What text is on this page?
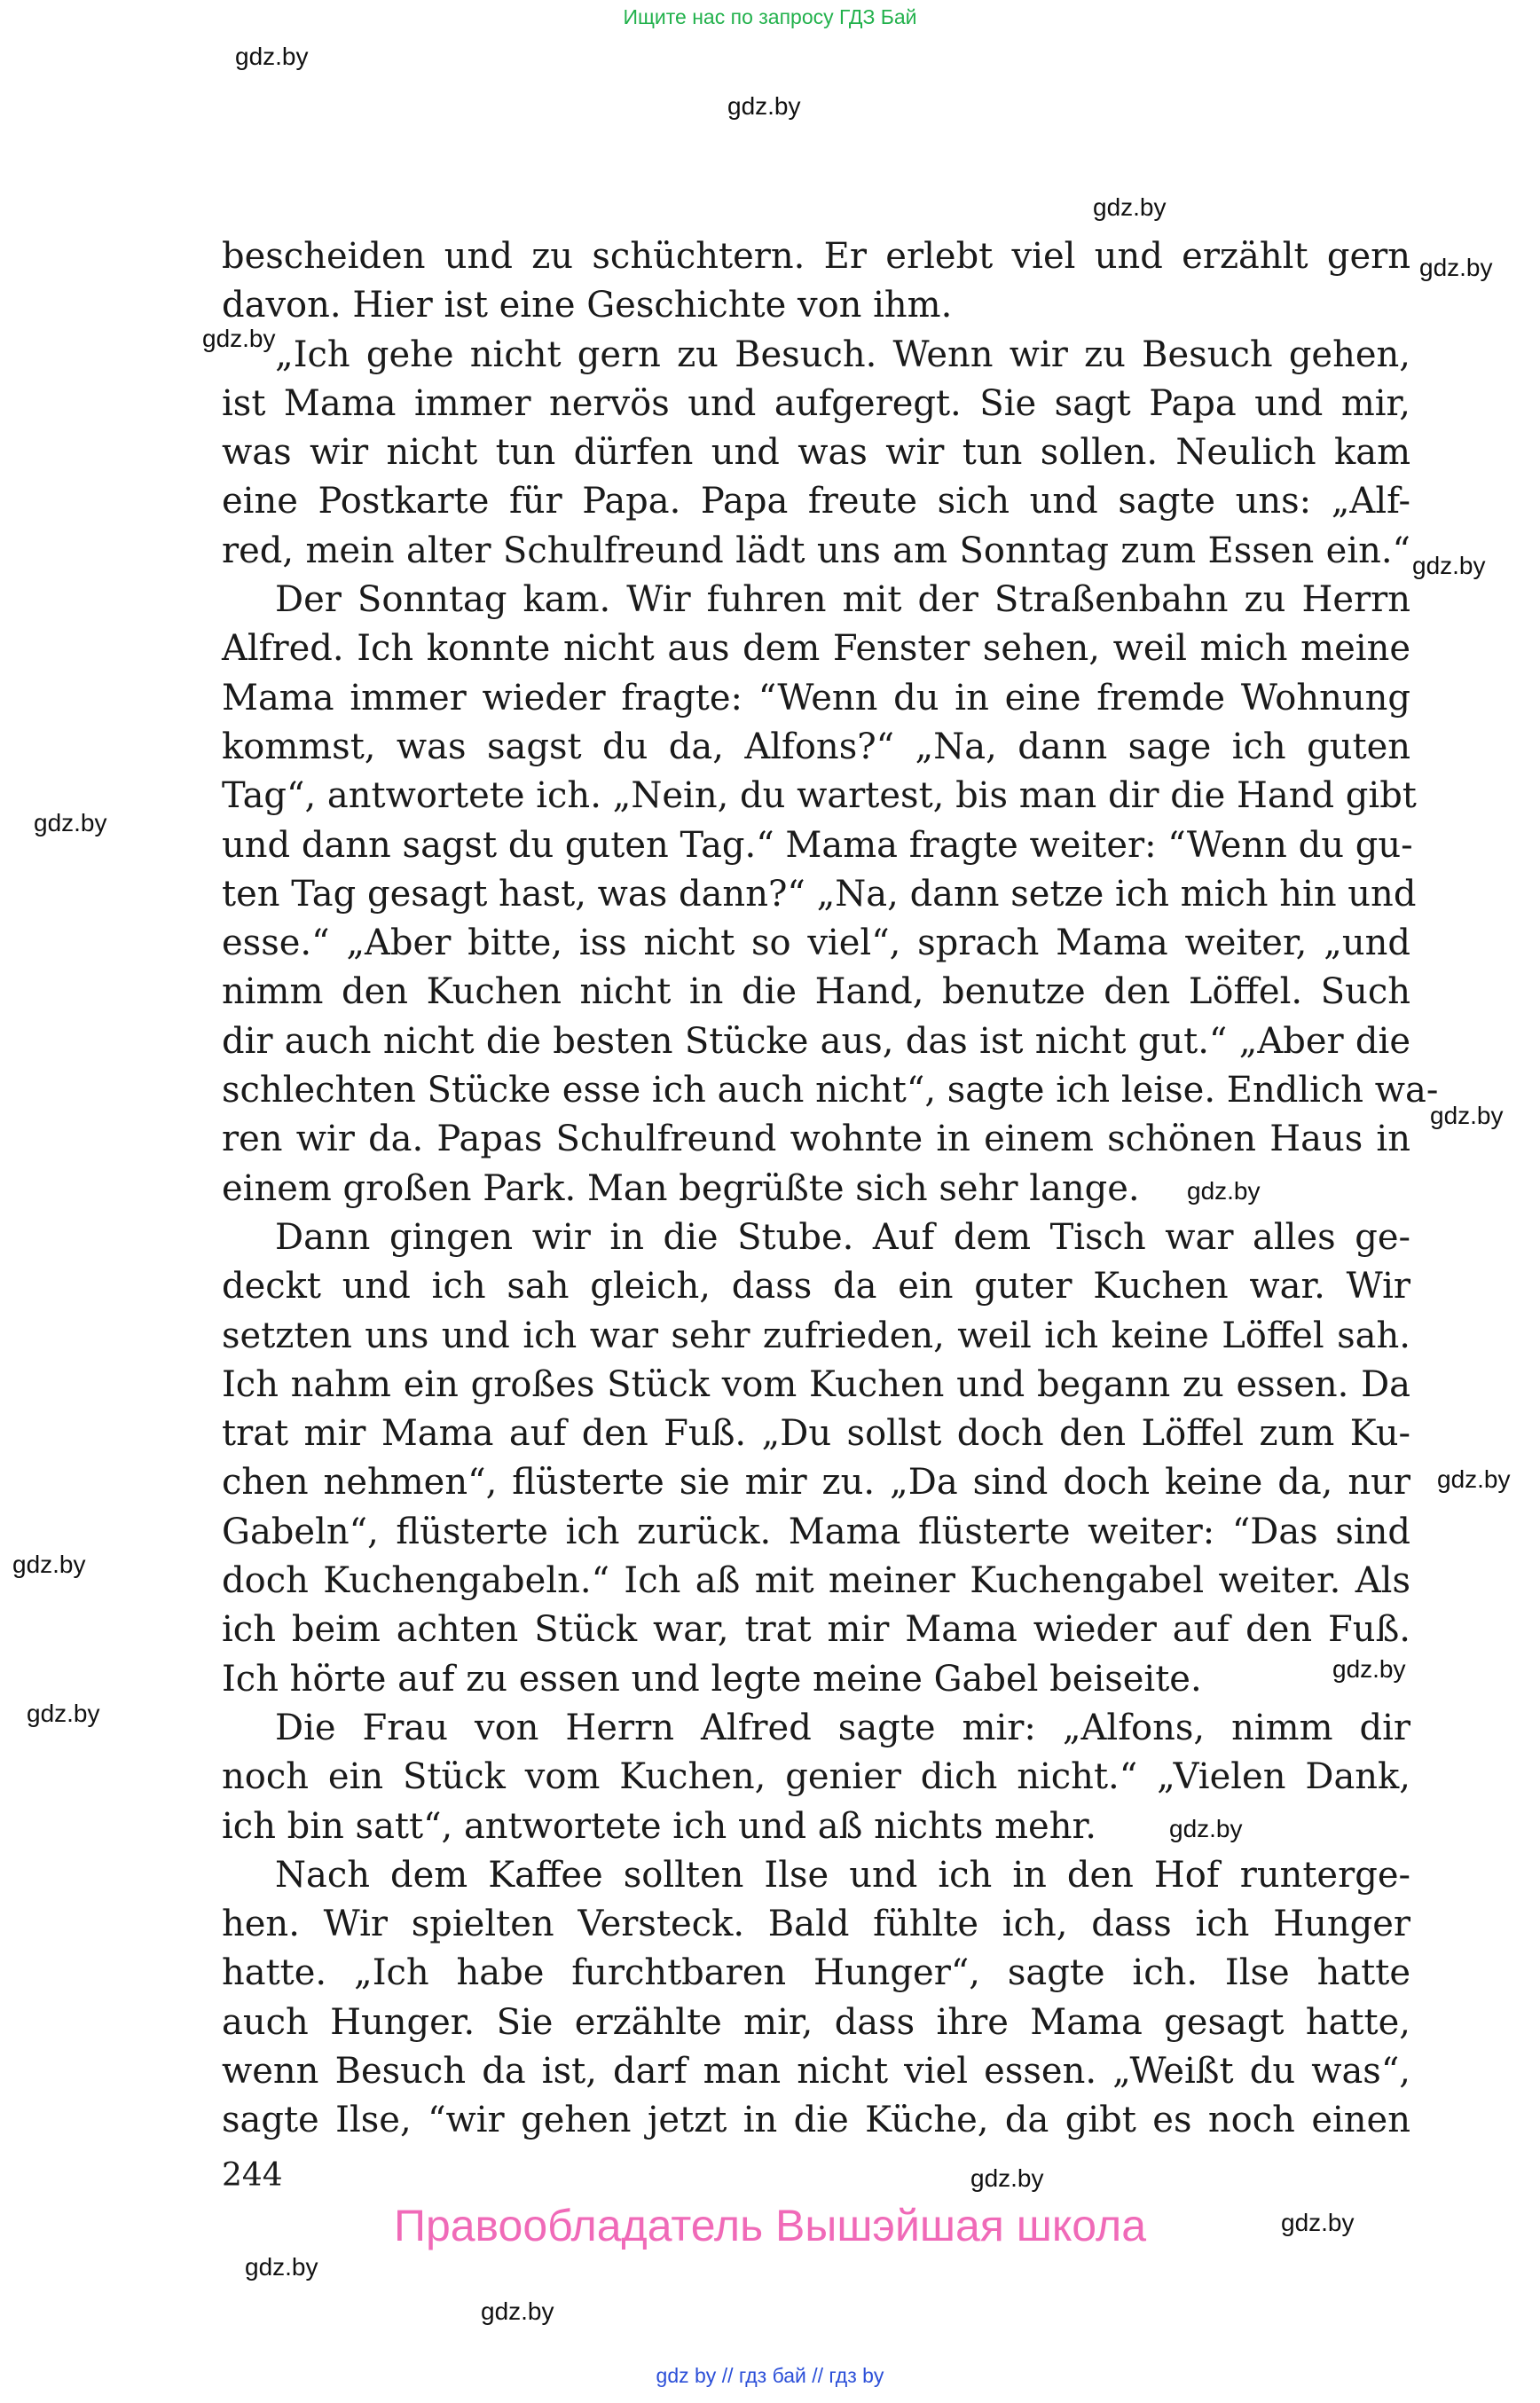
Ищите нас по запросу ГДЗ Бай
gdz.by
gdz.by
gdz.by
gdz.by
gdz.by
gdz.by
gdz.by
gdz.by
gdz.by
gdz.by
gdz.by
gdz.by
gdz.by
gdz.by
gdz.by
gdz.by
gdz.by
gdz.by
bescheiden und zu schüchtern. Er erlebt viel und erzählt gern
davon. Hier ist eine Geschichte von ihm.
„Ich gehe nicht gern zu Besuch. Wenn wir zu Besuch gehen,
ist Mama immer nervös und aufgeregt. Sie sagt Papa und mir,
was wir nicht tun dürfen und was wir tun sollen. Neulich kam
eine Postkarte für Papa. Papa freute sich und sagte uns: „Alf-
red, mein alter Schulfreund lädt uns am Sonntag zum Essen ein.“
Der Sonntag kam. Wir fuhren mit der Straßenbahn zu Herrn
Alfred. Ich konnte nicht aus dem Fenster sehen, weil mich meine
Mama immer wieder fragte: “Wenn du in eine fremde Wohnung
kommst, was sagst du da, Alfons?“ „Na, dann sage ich guten
Tag“, antwortete ich. „Nein, du wartest, bis man dir die Hand gibt
und dann sagst du guten Tag.“ Mama fragte weiter: “Wenn du gu-
ten Tag gesagt hast, was dann?“ „Na, dann setze ich mich hin und
esse.“ „Aber bitte, iss nicht so viel“, sprach Mama weiter, „und
nimm den Kuchen nicht in die Hand, benutze den Löffel. Such
dir auch nicht die besten Stücke aus, das ist nicht gut.“ „Aber die
schlechten Stücke esse ich auch nicht“, sagte ich leise. Endlich wa-
ren wir da. Papas Schulfreund wohnte in einem schönen Haus in
einem großen Park. Man begrüßte sich sehr lange.
Dann gingen wir in die Stube. Auf dem Tisch war alles ge-
deckt und ich sah gleich, dass da ein guter Kuchen war. Wir
setzten uns und ich war sehr zufrieden, weil ich keine Löffel sah.
Ich nahm ein großes Stück vom Kuchen und begann zu essen. Da
trat mir Mama auf den Fuß. „Du sollst doch den Löffel zum Ku-
chen nehmen“, flüsterte sie mir zu. „Da sind doch keine da, nur
Gabeln“, flüsterte ich zurück. Mama flüsterte weiter: “Das sind
doch Kuchengabeln.“ Ich aß mit meiner Kuchengabel weiter. Als
ich beim achten Stück war, trat mir Mama wieder auf den Fuß.
Ich hörte auf zu essen und legte meine Gabel beiseite.
Die Frau von Herrn Alfred sagte mir: „Alfons, nimm dir
noch ein Stück vom Kuchen, genier dich nicht.“ „Vielen Dank,
ich bin satt“, antwortete ich und aß nichts mehr.
Nach dem Kaffee sollten Ilse und ich in den Hof runterge-
hen. Wir spielten Versteck. Bald fühlte ich, dass ich Hunger
hatte. „Ich habe furchtbaren Hunger“, sagte ich. Ilse hatte
auch Hunger. Sie erzählte mir, dass ihre Mama gesagt hatte,
wenn Besuch da ist, darf man nicht viel essen. „Weißt du was“,
sagte Ilse, “wir gehen jetzt in die Küche, da gibt es noch einen
244
Правообладатель Вышэйшая школа
gdz by // гдз бай // гдз by
